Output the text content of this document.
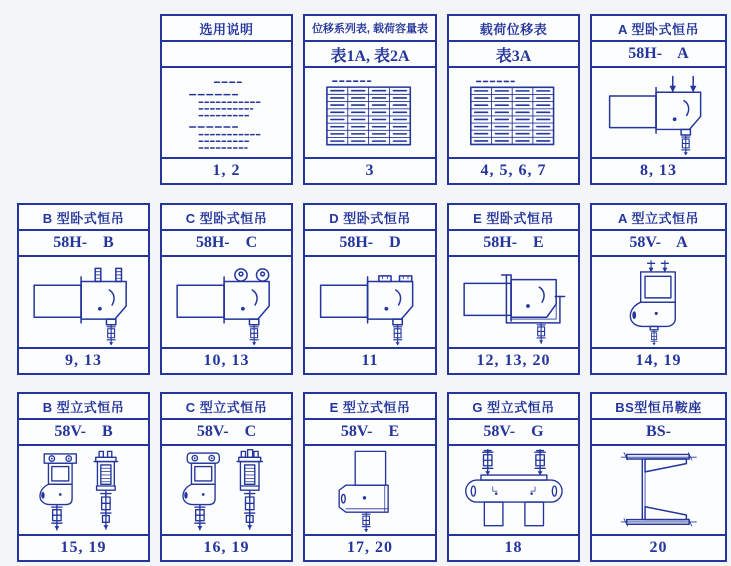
选用说明
1, 2
位移系列表, 载荷容量表
表1A, 表2A
3
载荷位移表
表3A
4, 5, 6, 7
A 型卧式恒吊
58H-    A
8, 13
B 型卧式恒吊
58H-    B
9, 13
C 型卧式恒吊
58H-    C
10, 13
D 型卧式恒吊
58H-    D
11
E 型卧式恒吊
58H-    E
12, 13, 20
A 型立式恒吊
58V-    A
14, 19
B 型立式恒吊
58V-    B
15, 19
C 型立式恒吊
58V-    C
16, 19
E 型立式恒吊
58V-    E
17, 20
G 型立式恒吊
58V-    G
18
BS型恒吊鞍座
BS-
20
